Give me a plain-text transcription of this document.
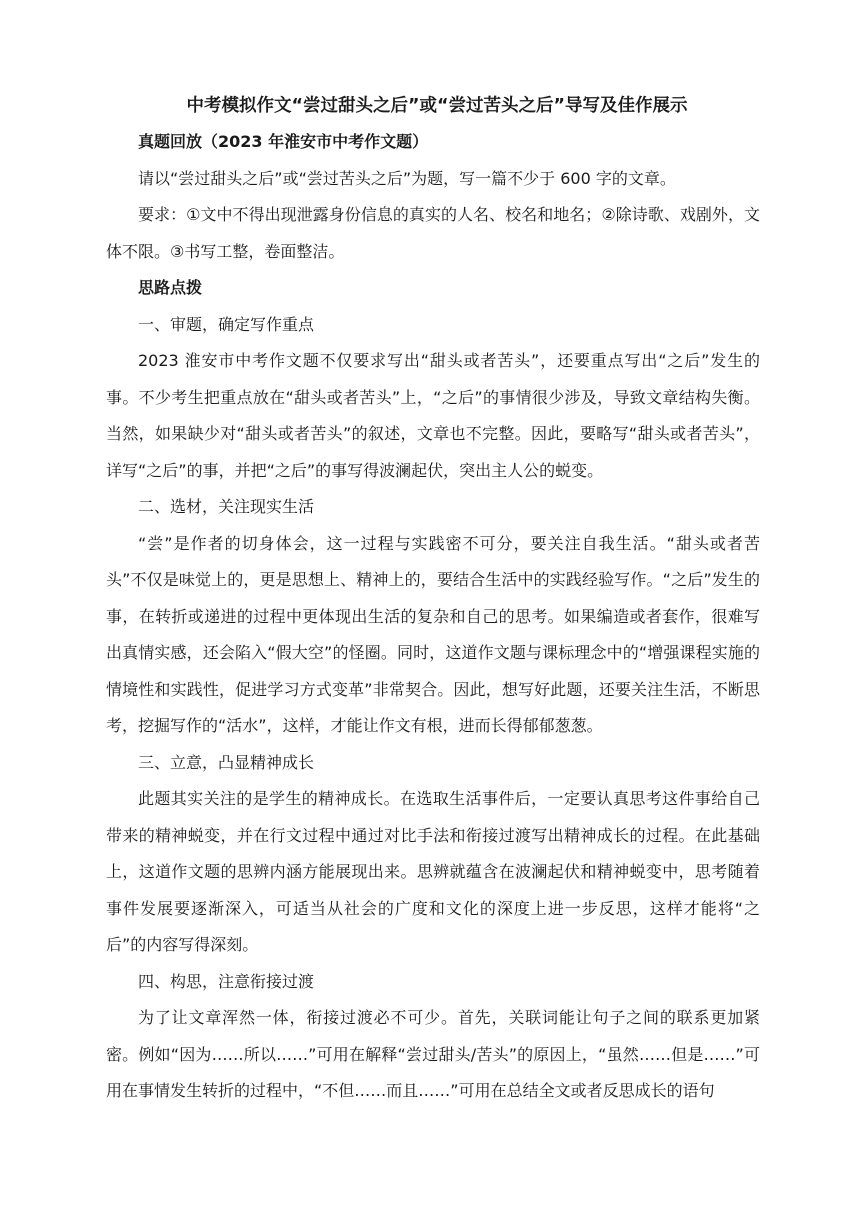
中考模拟作文“尝过甜头之后”或“尝过苦头之后”导写及佳作展示

真题回放（2023 年淮安市中考作文题）

请以“尝过甜头之后”或“尝过苦头之后”为题，写一篇不少于 600 字的文章。

要求：①文中不得出现泄露身份信息的真实的人名、校名和地名；②除诗歌、戏剧外，文体不限。③书写工整，卷面整洁。

思路点拨

一、审题，确定写作重点

2023 淮安市中考作文题不仅要求写出“甜头或者苦头”，还要重点写出“之后”发生的事。不少考生把重点放在“甜头或者苦头”上，“之后”的事情很少涉及，导致文章结构失衡。当然，如果缺少对“甜头或者苦头”的叙述，文章也不完整。因此，要略写“甜头或者苦头”，详写“之后”的事，并把“之后”的事写得波澜起伏，突出主人公的蜕变。

二、选材，关注现实生活

“尝”是作者的切身体会，这一过程与实践密不可分，要关注自我生活。“甜头或者苦头”不仅是味觉上的，更是思想上、精神上的，要结合生活中的实践经验写作。“之后”发生的事，在转折或递进的过程中更体现出生活的复杂和自己的思考。如果编造或者套作，很难写出真情实感，还会陷入“假大空”的怪圈。同时，这道作文题与课标理念中的“增强课程实施的情境性和实践性，促进学习方式变革”非常契合。因此，想写好此题，还要关注生活，不断思考，挖掘写作的“活水”，这样，才能让作文有根，进而长得郁郁葱葱。

三、立意，凸显精神成长

此题其实关注的是学生的精神成长。在选取生活事件后，一定要认真思考这件事给自己带来的精神蜕变，并在行文过程中通过对比手法和衔接过渡写出精神成长的过程。在此基础上，这道作文题的思辨内涵方能展现出来。思辨就蕴含在波澜起伏和精神蜕变中，思考随着事件发展要逐渐深入，可适当从社会的广度和文化的深度上进一步反思，这样才能将“之后”的内容写得深刻。

四、构思，注意衔接过渡

为了让文章浑然一体，衔接过渡必不可少。首先，关联词能让句子之间的联系更加紧密。例如“因为……所以……”可用在解释“尝过甜头/苦头”的原因上，“虽然……但是……”可用在事情发生转折的过程中，“不但……而且……”可用在总结全文或者反思成长的语句
